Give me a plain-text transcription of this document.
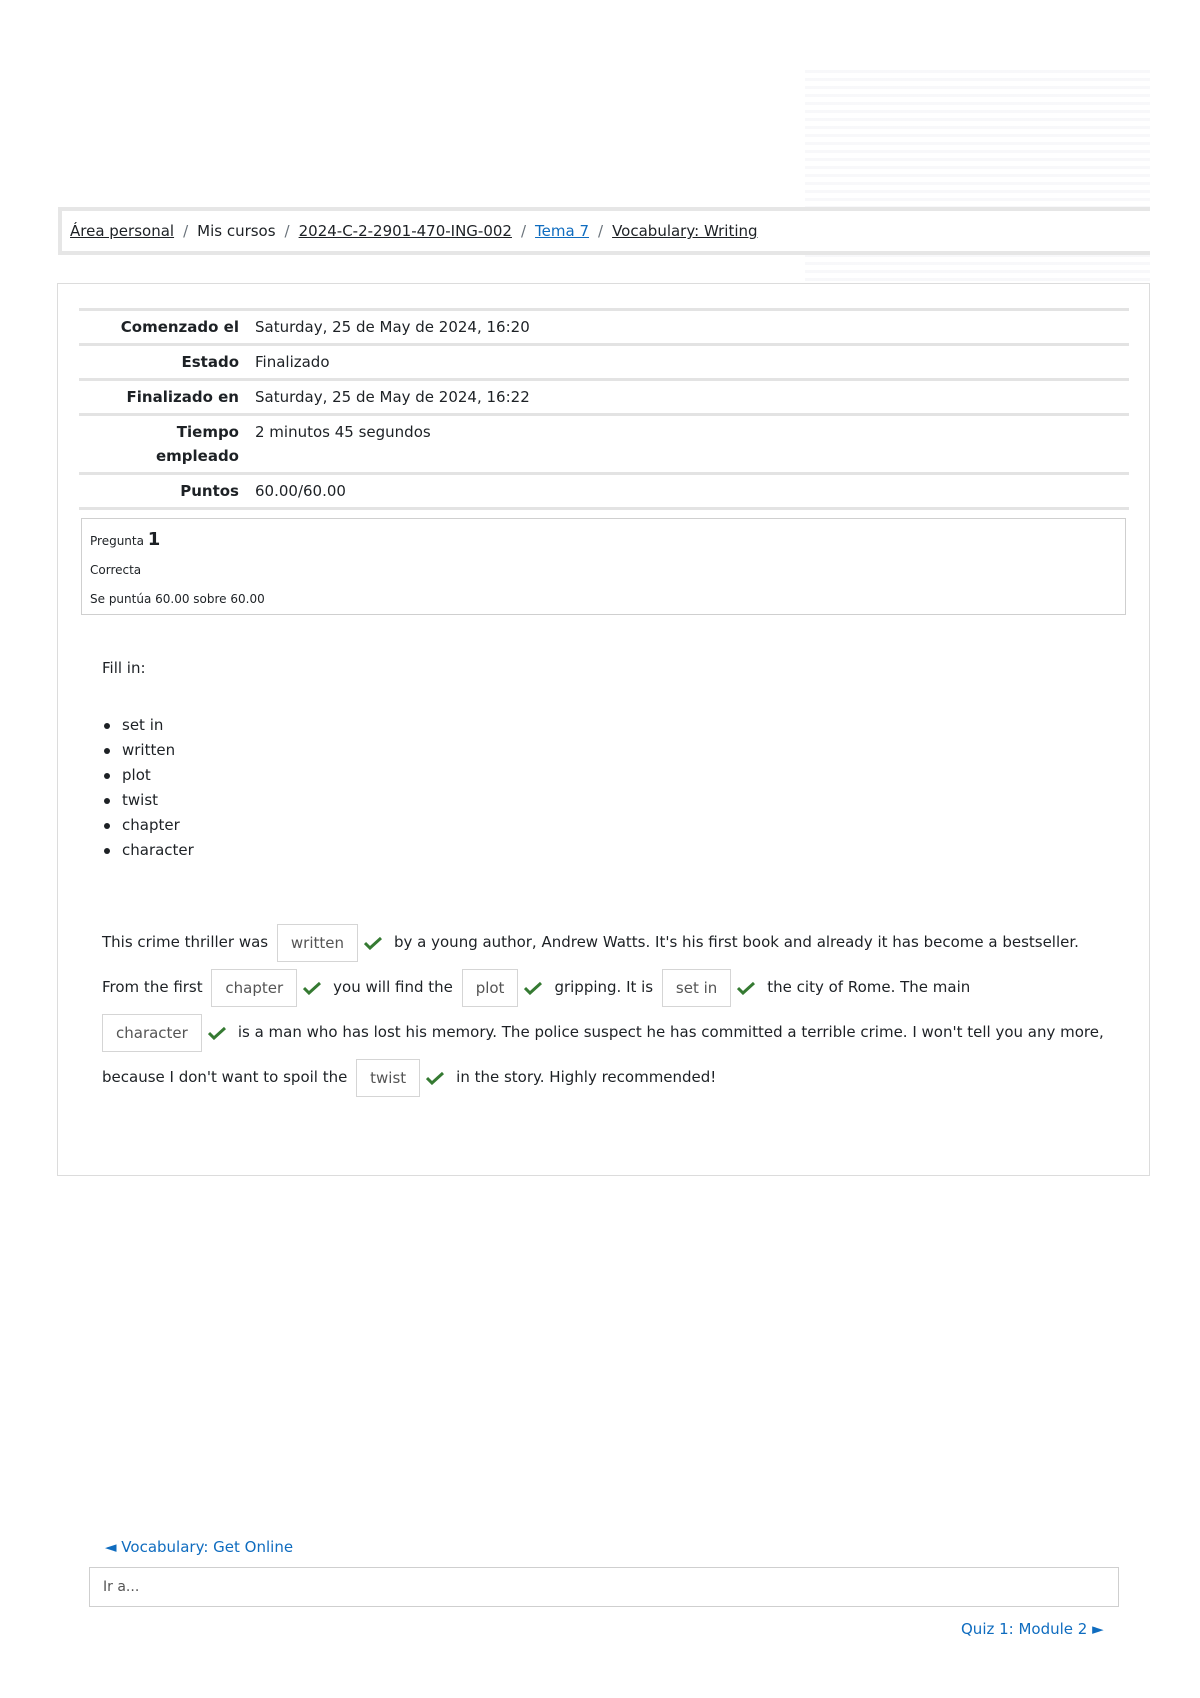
Área personal / Mis cursos / 2024-C-2-2901-470-ING-002 / Tema 7 / Vocabulary: Writing
Comenzado el	Saturday, 25 de May de 2024, 16:20
Estado	Finalizado
Finalizado en	Saturday, 25 de May de 2024, 16:22
Tiempo
empleado	2 minutos 45 segundos
Puntos	60.00/60.00

Pregunta 1
Correcta
Se puntúa 60.00 sobre 60.00

Fill in:

set in
written
plot
twist
chapter
character
This crime thriller was written	by a young author, Andrew Watts. It's his first book and already it has become a bestseller.
From the first chapter	you will find the plot	gripping. It is set in	the city of Rome. The main
character	is a man who has lost his memory. The police suspect he has committed a terrible crime. I won't tell you any more,
because I don't want to spoil the twist	in the story. Highly recommended!
◄ Vocabulary: Get Online
Ir a...
Quiz 1: Module 2 ►
